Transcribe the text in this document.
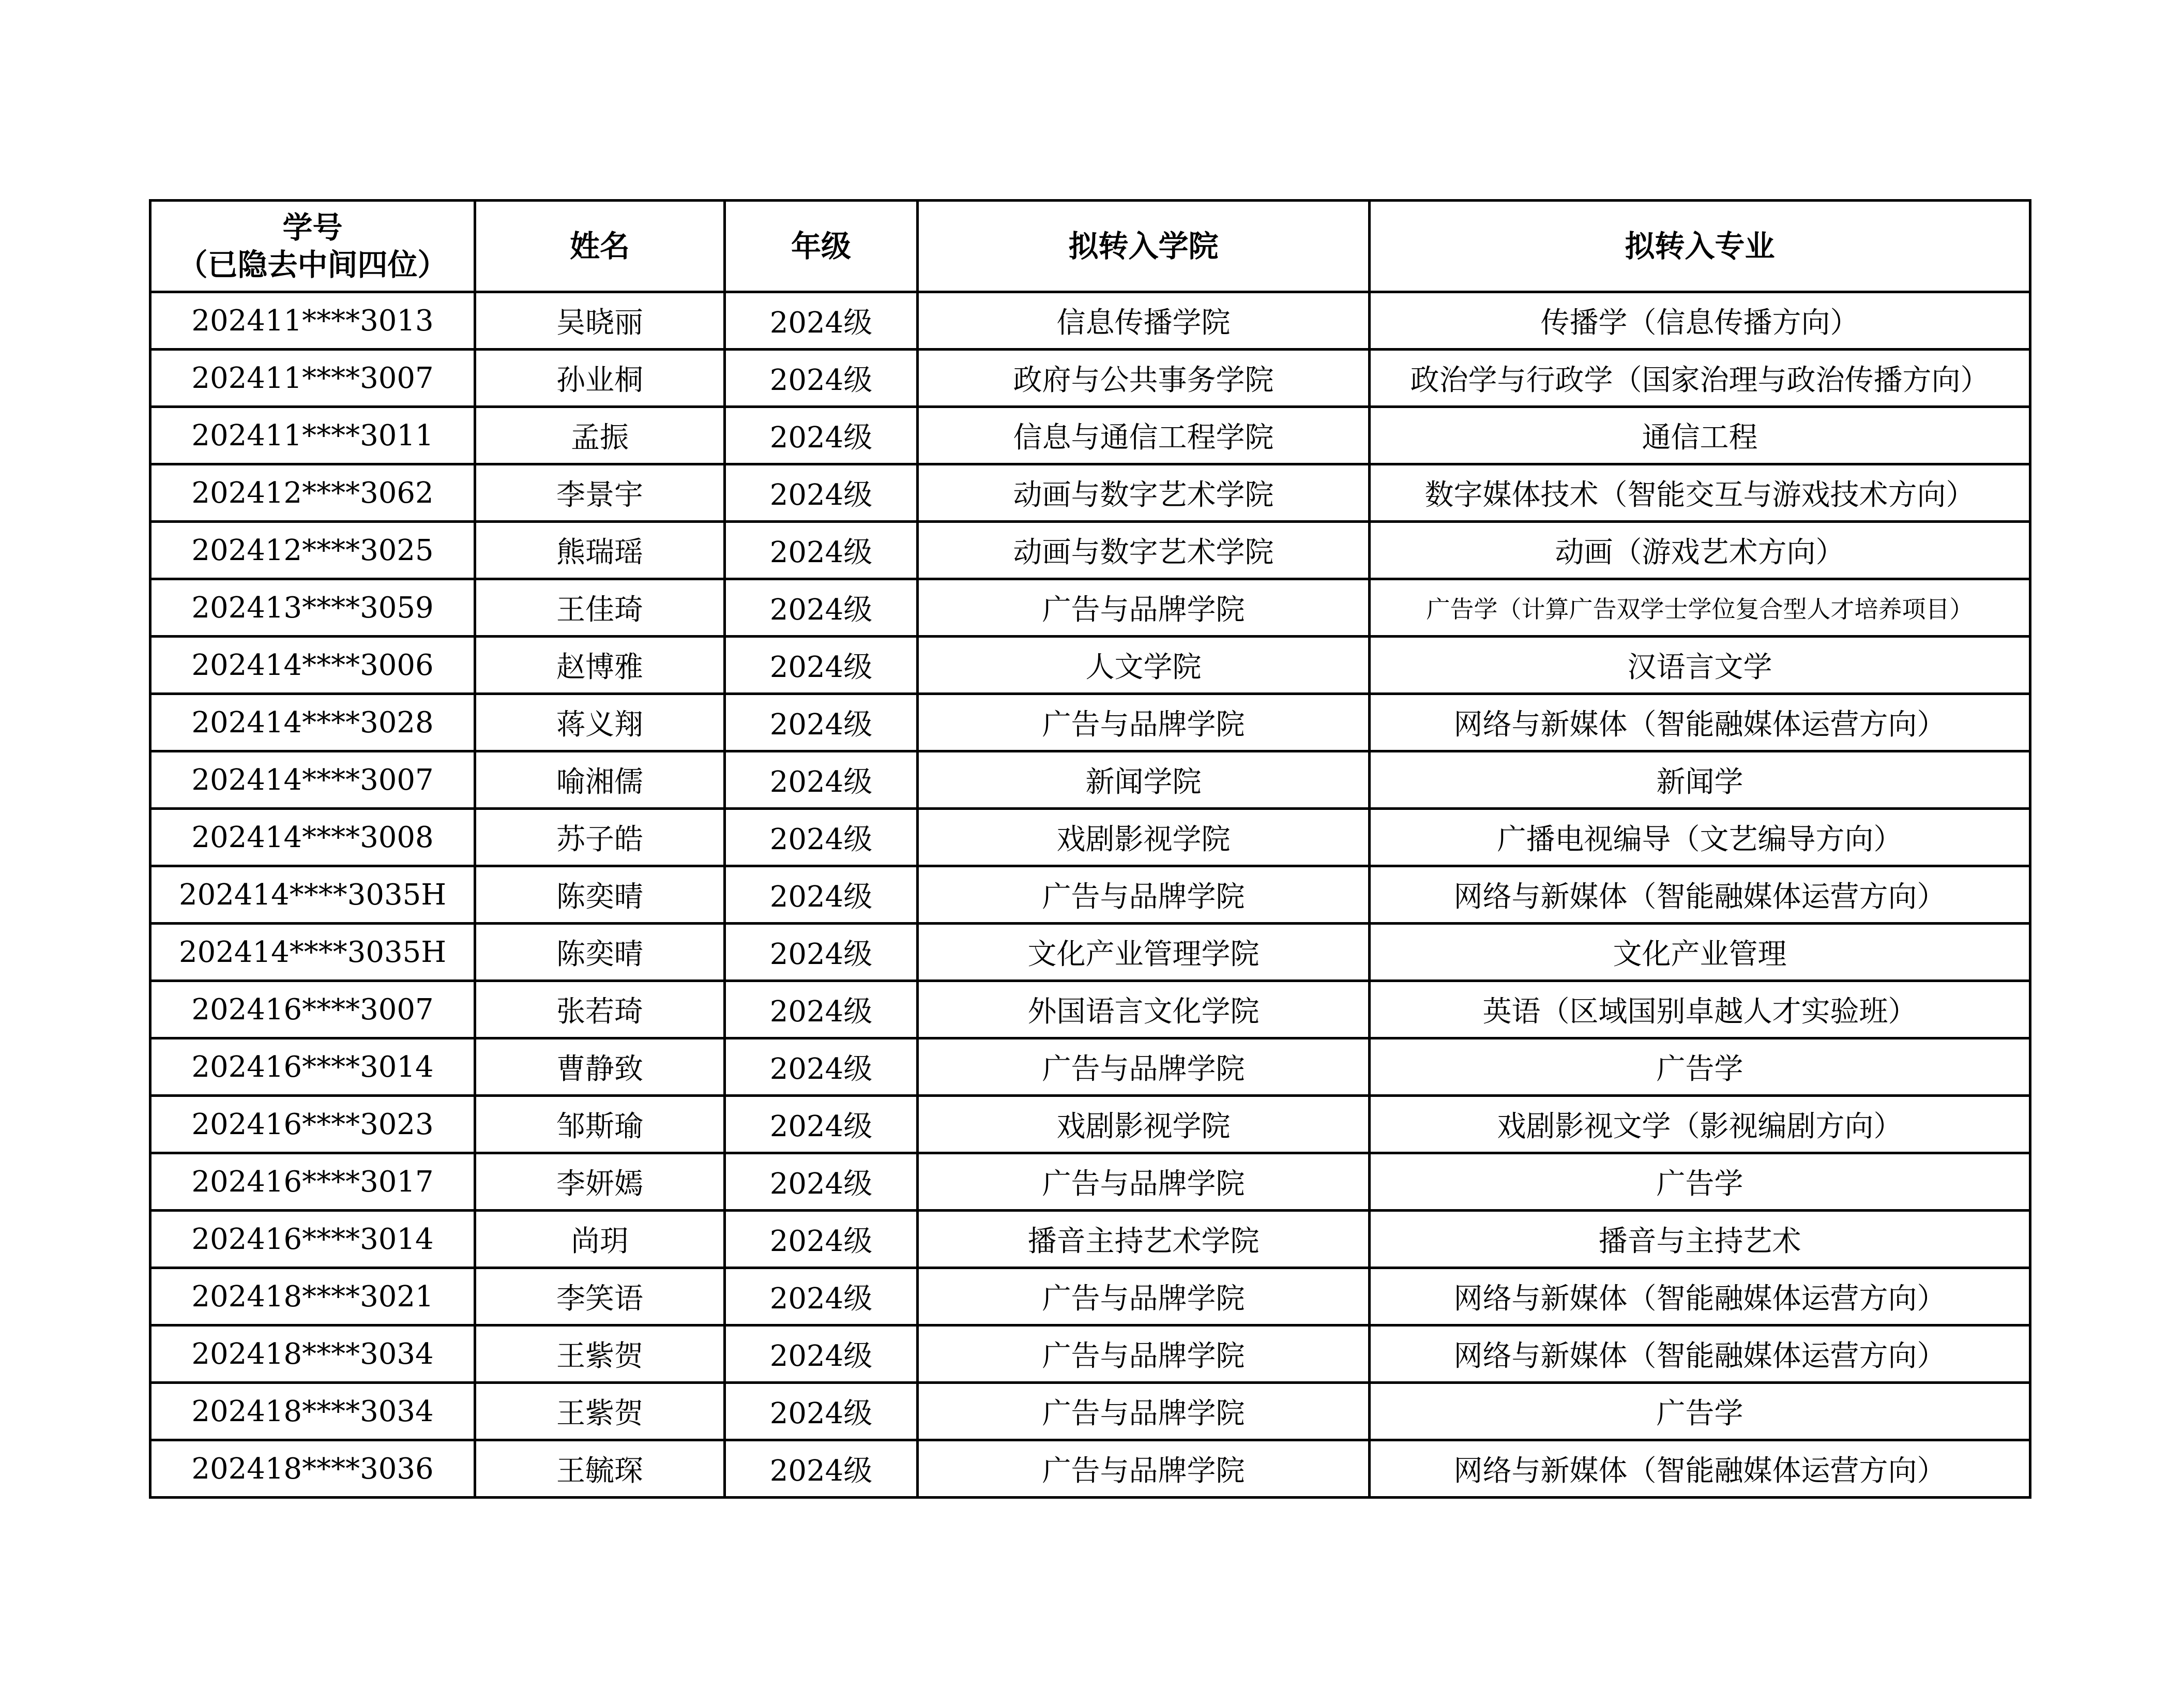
学号
（已隐去中间四位）	姓名	年级	拟转入学院	拟转入专业
202411****3013	吴晓丽	2024级	信息传播学院	传播学（信息传播方向）
202411****3007	孙业桐	2024级	政府与公共事务学院	政治学与行政学（国家治理与政治传播方向）
202411****3011	孟振	2024级	信息与通信工程学院	通信工程
202412****3062	李景宇	2024级	动画与数字艺术学院	数字媒体技术（智能交互与游戏技术方向）
202412****3025	熊瑞瑶	2024级	动画与数字艺术学院	动画（游戏艺术方向）
202413****3059	王佳琦	2024级	广告与品牌学院	广告学（计算广告双学士学位复合型人才培养项目）
202414****3006	赵博雅	2024级	人文学院	汉语言文学
202414****3028	蒋义翔	2024级	广告与品牌学院	网络与新媒体（智能融媒体运营方向）
202414****3007	喻湘儒	2024级	新闻学院	新闻学
202414****3008	苏子皓	2024级	戏剧影视学院	广播电视编导（文艺编导方向）
202414****3035H	陈奕晴	2024级	广告与品牌学院	网络与新媒体（智能融媒体运营方向）
202414****3035H	陈奕晴	2024级	文化产业管理学院	文化产业管理
202416****3007	张若琦	2024级	外国语言文化学院	英语（区域国别卓越人才实验班）
202416****3014	曹静致	2024级	广告与品牌学院	广告学
202416****3023	邹斯瑜	2024级	戏剧影视学院	戏剧影视文学（影视编剧方向）
202416****3017	李妍嫣	2024级	广告与品牌学院	广告学
202416****3014	尚玥	2024级	播音主持艺术学院	播音与主持艺术
202418****3021	李笑语	2024级	广告与品牌学院	网络与新媒体（智能融媒体运营方向）
202418****3034	王紫贺	2024级	广告与品牌学院	网络与新媒体（智能融媒体运营方向）
202418****3034	王紫贺	2024级	广告与品牌学院	广告学
202418****3036	王毓琛	2024级	广告与品牌学院	网络与新媒体（智能融媒体运营方向）
